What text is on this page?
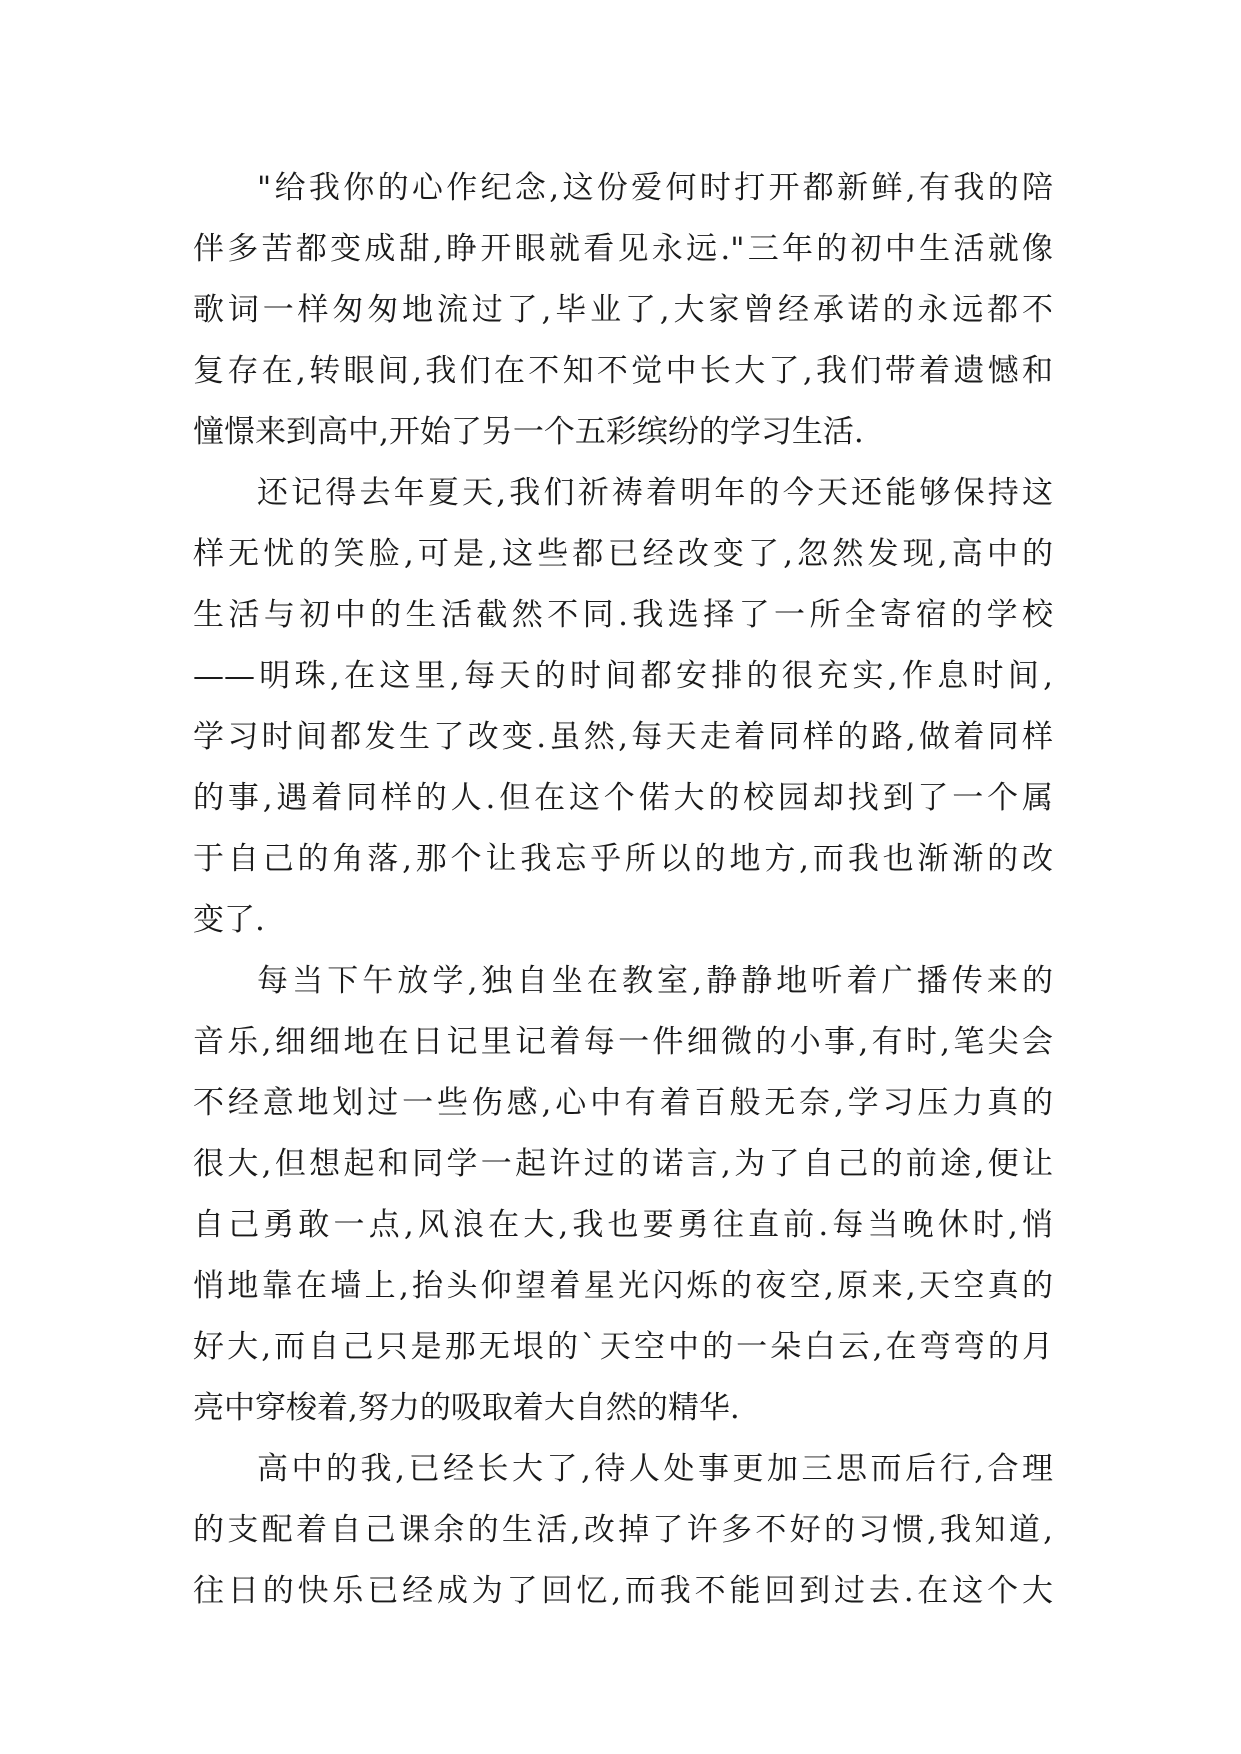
"给我你的心作纪念,这份爱何时打开都新鲜,有我的陪
伴多苦都变成甜,睁开眼就看见永远."三年的初中生活就像
歌词一样匆匆地流过了,毕业了,大家曾经承诺的永远都不
复存在,转眼间,我们在不知不觉中长大了,我们带着遗憾和
憧憬来到高中,开始了另一个五彩缤纷的学习生活.
还记得去年夏天,我们祈祷着明年的今天还能够保持这
样无忧的笑脸,可是,这些都已经改变了,忽然发现,高中的
生活与初中的生活截然不同.我选择了一所全寄宿的学校
——明珠,在这里,每天的时间都安排的很充实,作息时间,
学习时间都发生了改变.虽然,每天走着同样的路,做着同样
的事,遇着同样的人.但在这个偌大的校园却找到了一个属
于自己的角落,那个让我忘乎所以的地方,而我也渐渐的改
变了.
每当下午放学,独自坐在教室,静静地听着广播传来的
音乐,细细地在日记里记着每一件细微的小事,有时,笔尖会
不经意地划过一些伤感,心中有着百般无奈,学习压力真的
很大,但想起和同学一起许过的诺言,为了自己的前途,便让
自己勇敢一点,风浪在大,我也要勇往直前.每当晚休时,悄
悄地靠在墙上,抬头仰望着星光闪烁的夜空,原来,天空真的
好大,而自己只是那无垠的`天空中的一朵白云,在弯弯的月
亮中穿梭着,努力的吸取着大自然的精华.
高中的我,已经长大了,待人处事更加三思而后行,合理
的支配着自己课余的生活,改掉了许多不好的习惯,我知道,
往日的快乐已经成为了回忆,而我不能回到过去.在这个大
